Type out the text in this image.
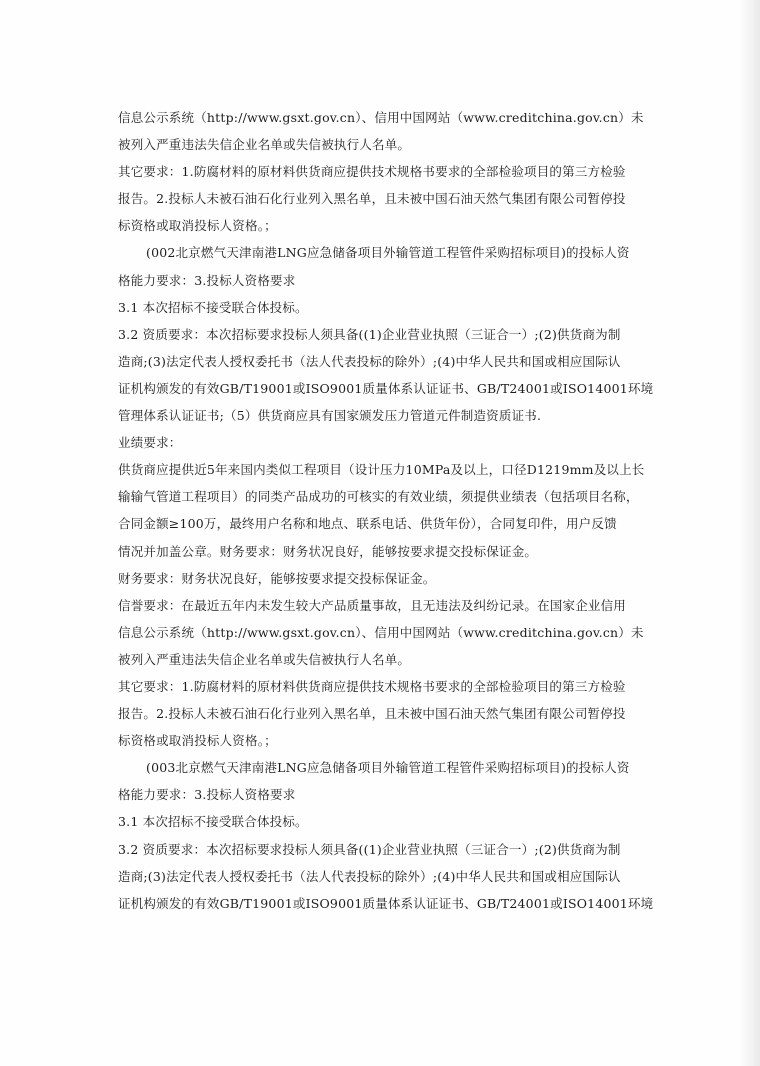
信息公示系统（http://www.gsxt.gov.cn）、信用中国网站（www.creditchina.gov.cn）未
被列入严重违法失信企业名单或失信被执行人名单。
其它要求：1.防腐材料的原材料供货商应提供技术规格书要求的全部检验项目的第三方检验
报告。2.投标人未被石油石化行业列入黑名单，且未被中国石油天然气集团有限公司暂停投
标资格或取消投标人资格。；
(002北京燃气天津南港LNG应急储备项目外输管道工程管件采购招标项目)的投标人资
格能力要求：3.投标人资格要求
3.1 本次招标不接受联合体投标。
3.2 资质要求：本次招标要求投标人须具备((1)企业营业执照（三证合一）;(2)供货商为制
造商;(3)法定代表人授权委托书（法人代表投标的除外）;(4)中华人民共和国或相应国际认
证机构颁发的有效GB/T19001或ISO9001质量体系认证证书、GB/T24001或ISO14001环境
管理体系认证证书;（5）供货商应具有国家颁发压力管道元件制造资质证书.
业绩要求：
供货商应提供近5年来国内类似工程项目（设计压力10MPa及以上，口径D1219mm及以上长
输输气管道工程项目）的同类产品成功的可核实的有效业绩，须提供业绩表（包括项目名称，
合同金额≥100万，最终用户名称和地点、联系电话、供货年份），合同复印件，用户反馈
情况并加盖公章。财务要求：财务状况良好，能够按要求提交投标保证金。
财务要求：财务状况良好，能够按要求提交投标保证金。
信誉要求：在最近五年内未发生较大产品质量事故，且无违法及纠纷记录。在国家企业信用
信息公示系统（http://www.gsxt.gov.cn）、信用中国网站（www.creditchina.gov.cn）未
被列入严重违法失信企业名单或失信被执行人名单。
其它要求：1.防腐材料的原材料供货商应提供技术规格书要求的全部检验项目的第三方检验
报告。2.投标人未被石油石化行业列入黑名单，且未被中国石油天然气集团有限公司暂停投
标资格或取消投标人资格。；
(003北京燃气天津南港LNG应急储备项目外输管道工程管件采购招标项目)的投标人资
格能力要求：3.投标人资格要求
3.1 本次招标不接受联合体投标。
3.2 资质要求：本次招标要求投标人须具备((1)企业营业执照（三证合一）;(2)供货商为制
造商;(3)法定代表人授权委托书（法人代表投标的除外）;(4)中华人民共和国或相应国际认
证机构颁发的有效GB/T19001或ISO9001质量体系认证证书、GB/T24001或ISO14001环境
